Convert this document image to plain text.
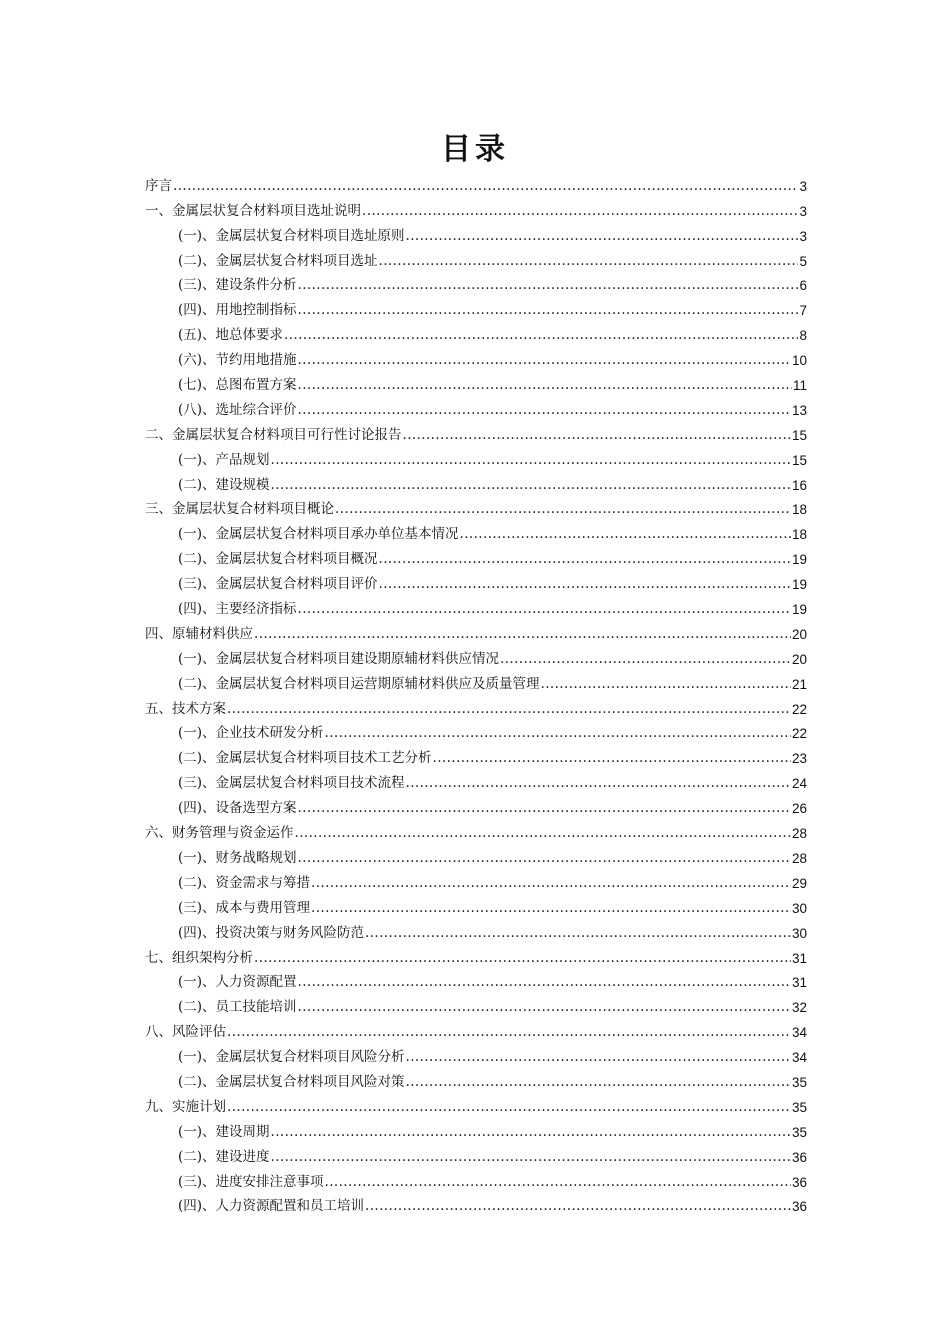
目录
序言 .....	3
一、金属层状复合材料项目选址说明 .....	3
(一)、金属层状复合材料项目选址原则 .....	3
(二)、金属层状复合材料项目选址 .....	5
(三)、建设条件分析 .....	6
(四)、用地控制指标 .....	7
(五)、地总体要求 .....	8
(六)、节约用地措施 .....	10
(七)、总图布置方案 .....	11
(八)、选址综合评价 .....	13
二、金属层状复合材料项目可行性讨论报告 .....	15
(一)、产品规划 .....	15
(二)、建设规模 .....	16
三、金属层状复合材料项目概论 .....	18
(一)、金属层状复合材料项目承办单位基本情况 .....	18
(二)、金属层状复合材料项目概况 .....	19
(三)、金属层状复合材料项目评价 .....	19
(四)、主要经济指标 .....	19
四、原辅材料供应 .....	20
(一)、金属层状复合材料项目建设期原辅材料供应情况 .....	20
(二)、金属层状复合材料项目运营期原辅材料供应及质量管理 .....	21
五、技术方案 .....	22
(一)、企业技术研发分析 .....	22
(二)、金属层状复合材料项目技术工艺分析 .....	23
(三)、金属层状复合材料项目技术流程 .....	24
(四)、设备选型方案 .....	26
六、财务管理与资金运作 .....	28
(一)、财务战略规划 .....	28
(二)、资金需求与筹措 .....	29
(三)、成本与费用管理 .....	30
(四)、投资决策与财务风险防范 .....	30
七、组织架构分析 .....	31
(一)、人力资源配置 .....	31
(二)、员工技能培训 .....	32
八、风险评估 .....	34
(一)、金属层状复合材料项目风险分析 .....	34
(二)、金属层状复合材料项目风险对策 .....	35
九、实施计划 .....	35
(一)、建设周期 .....	35
(二)、建设进度 .....	36
(三)、进度安排注意事项 .....	36
(四)、人力资源配置和员工培训 .....	36
